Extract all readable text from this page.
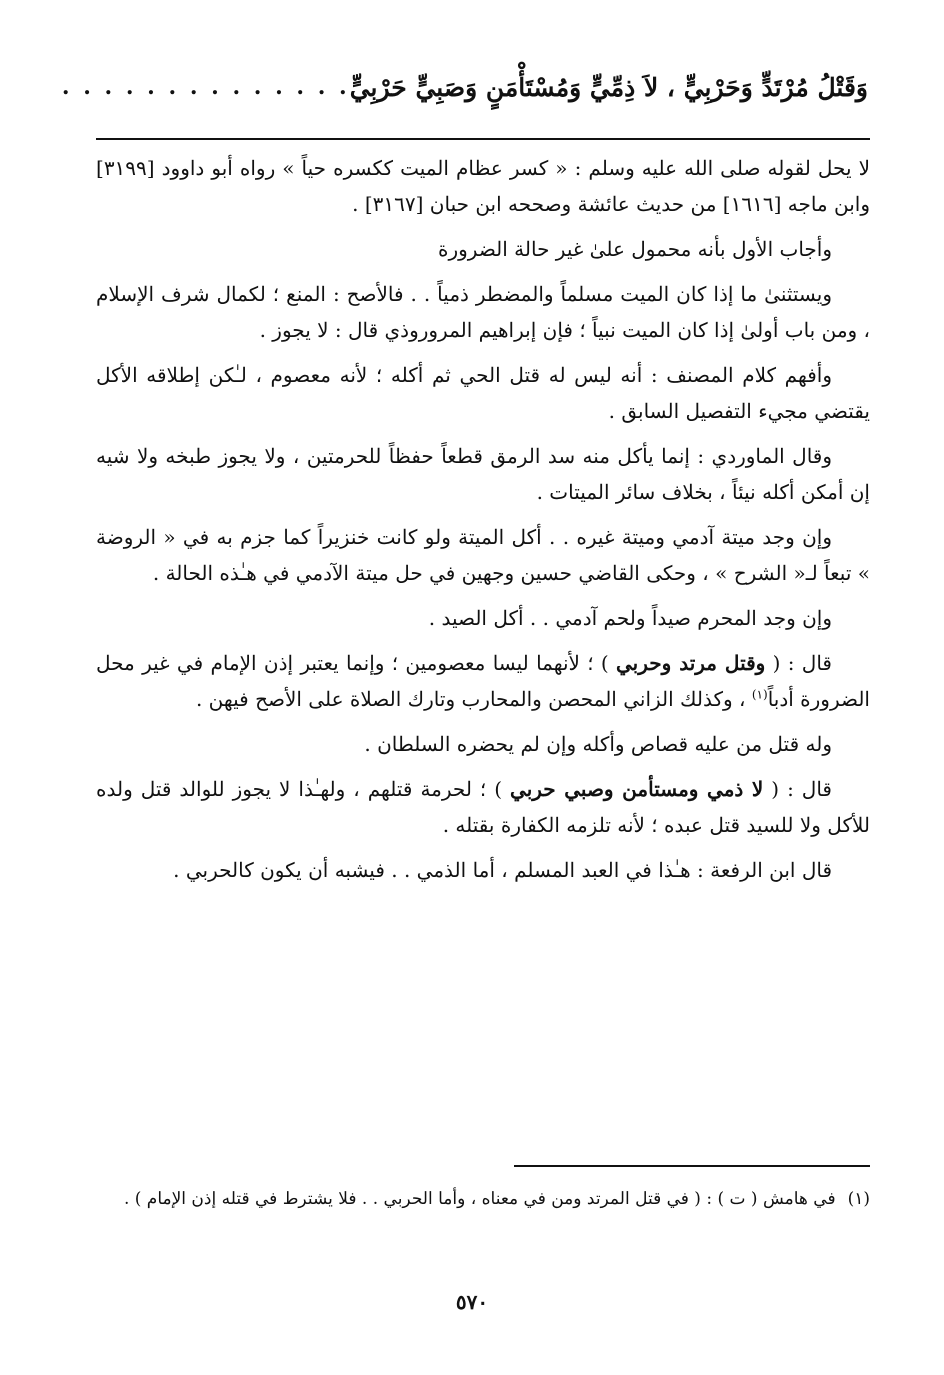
وَقَتْلُ مُرْتَدٍّ وَحَرْبِيٍّ ، لاَ ذِمِّيٍّ وَمُسْتَأْمَنٍ وَصَبِيٍّ حَرْبِيٍّ
. . . . . . . . . . . . . .

لا يحل لقوله صلى الله عليه وسلم : « كسر عظام الميت ككسره حياً » رواه أبو داوود [٣١٩٩] وابن ماجه [١٦١٦] من حديث عائشة وصححه ابن حبان [٣١٦٧] .

وأجاب الأول بأنه محمول علىٰ غير حالة الضرورة

ويستثنىٰ ما إذا كان الميت مسلماً والمضطر ذمياً . . فالأصح : المنع ؛ لكمال شرف الإسلام ، ومن باب أولىٰ إذا كان الميت نبياً ؛ فإن إبراهيم المروروذي قال : لا يجوز .

وأفهم كلام المصنف : أنه ليس له قتل الحي ثم أكله ؛ لأنه معصوم ، لـٰكن إطلاقه الأكل يقتضي مجيء التفصيل السابق .

وقال الماوردي : إنما يأكل منه سد الرمق قطعاً حفظاً للحرمتين ، ولا يجوز طبخه ولا شيه إن أمكن أكله نيئاً ، بخلاف سائر الميتات .

وإن وجد ميتة آدمي وميتة غيره . . أكل الميتة ولو كانت خنزيراً كما جزم به في « الروضة » تبعاً لـ« الشرح » ، وحكى القاضي حسين وجهين في حل ميتة الآدمي في هـٰذه الحالة .

وإن وجد المحرم صيداً ولحم آدمي . . أكل الصيد .

قال : ( وقتل مرتد وحربي ) ؛ لأنهما ليسا معصومين ؛ وإنما يعتبر إذن الإمام في غير محل الضرورة أدباً$^{(١)}$ ، وكذلك الزاني المحصن والمحارب وتارك الصلاة على الأصح فيهن .

وله قتل من عليه قصاص وأكله وإن لم يحضره السلطان .

قال : ( لا ذمي ومستأمن وصبي حربي ) ؛ لحرمة قتلهم ، ولهـٰذا لا يجوز للوالد قتل ولده للأكل ولا للسيد قتل عبده ؛ لأنه تلزمه الكفارة بقتله .

قال ابن الرفعة : هـٰذا في العبد المسلم ، أما الذمي . . فيشبه أن يكون كالحربي .

(١)في هامش ( ت ) : ( في قتل المرتد ومن في معناه ، وأما الحربي . . فلا يشترط في قتله إذن الإمام ) .
٥٧٠
